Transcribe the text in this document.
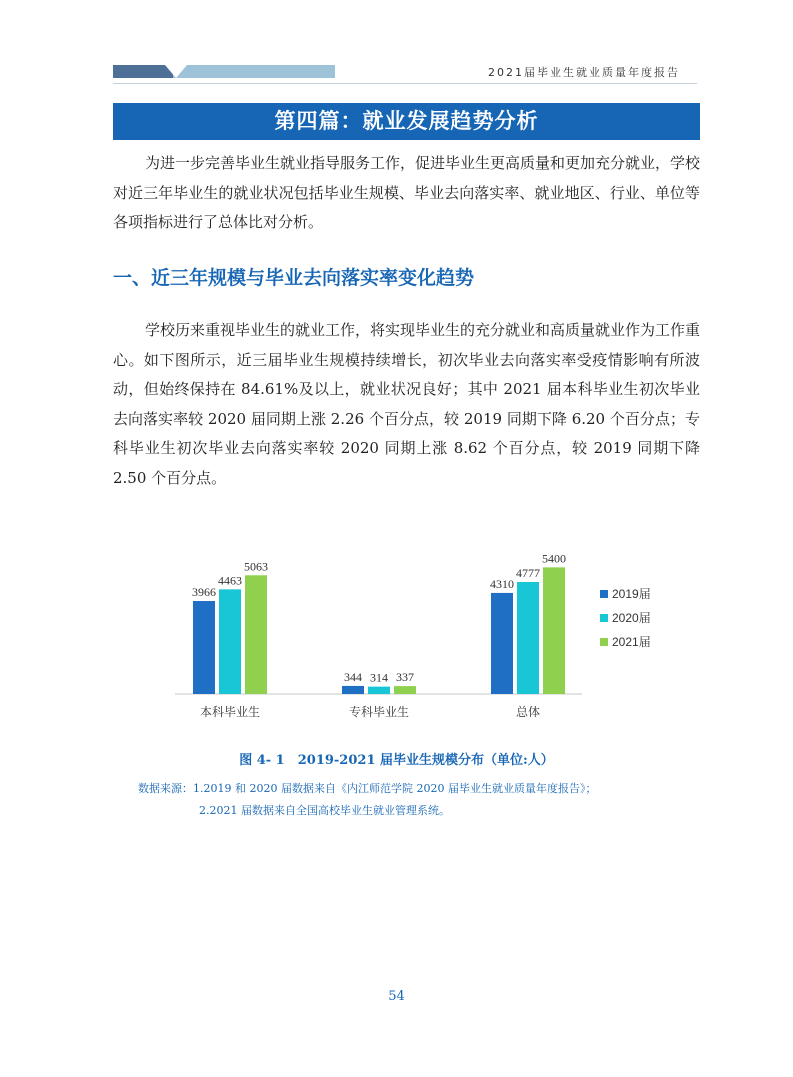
2021届毕业生就业质量年度报告
第四篇：就业发展趋势分析

为进一步完善毕业生就业指导服务工作，促进毕业生更高质量和更加充分就业，学校对近三年毕业生的就业状况包括毕业生规模、毕业去向落实率、就业地区、行业、单位等各项指标进行了总体比对分析。

一、近三年规模与毕业去向落实率变化趋势

学校历来重视毕业生的就业工作，将实现毕业生的充分就业和高质量就业作为工作重心。如下图所示，近三届毕业生规模持续增长，初次毕业去向落实率受疫情影响有所波动，但始终保持在 84.61%及以上，就业状况良好；其中 2021 届本科毕业生初次毕业去向落实率较 2020 届同期上涨 2.26 个百分点，较 2019 同期下降 6.20 个百分点；专科毕业生初次毕业去向落实率较 2020 同期上涨 8.62 个百分点，较 2019 同期下降 2.50 个百分点。

3966
4463
5063
本科毕业生
344 314 337
专科毕业生
4310
4777
5400
总体
2019届
2020届
2021届
图 4- 1　2019-2021 届毕业生规模分布（单位:人）
数据来源：1.2019 和 2020 届数据来自《内江师范学院 2020 届毕业生就业质量年度报告》；
2.2021 届数据来自全国高校毕业生就业管理系统。
54
